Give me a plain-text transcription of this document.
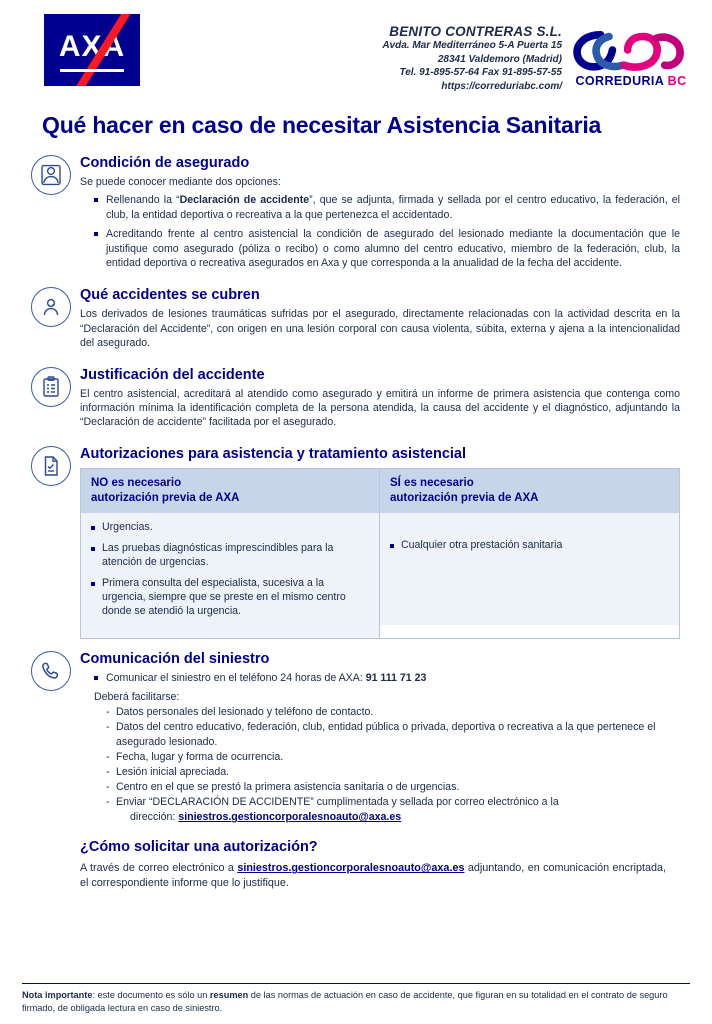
AXA	BENITO CONTRERAS S.L.
Avda. Mar Mediterráneo 5-A Puerta 15
28341 Valdemoro (Madrid)
Tel. 91-895-57-64 Fax 91-895-57-55
https://correduriabc.com/ CORREDURIA BC
Qué hacer en caso de necesitar Asistencia Sanitaria
Condición de asegurado

Se puede conocer mediante dos opciones:

Rellenando la “Declaración de accidente”, que se adjunta, firmada y sellada por el centro educativo, la federación, el club, la entidad deportiva o recreativa a la que pertenezca el accidentado.
Acreditando frente al centro asistencial la condición de asegurado del lesionado mediante la documentación que le justifique como asegurado (póliza o recibo) o como alumno del centro educativo, miembro de la federación, club, la entidad deportiva o recreativa asegurados en Axa y que corresponda a la anualidad de la fecha del accidente.
Qué accidentes se cubren

Los derivados de lesiones traumáticas sufridas por el asegurado, directamente relacionadas con la actividad descrita en la “Declaración del Accidente”, con origen en una lesión corporal con causa violenta, súbita, externa y ajena a la intencionalidad del asegurado.

Justificación del accidente

El centro asistencial, acreditará al atendido como asegurado y emitirá un informe de primera asistencia que contenga como información mínima la identificación completa de la persona atendida, la causa del accidente y el diagnóstico, adjuntando la “Declaración de accidente” facilitada por el asegurado.

Autorizaciones para asistencia y tratamiento asistencial
NO es necesario
autorización previa de AXA
Urgencias.
Las pruebas diagnósticas imprescindibles para la atención de urgencias.
Primera consulta del especialista, sucesiva a la urgencia, siempre que se preste en el mismo centro donde se atendió la urgencia.
SÍ es necesario
autorización previa de AXA
Cualquier otra prestación sanitaria
Comunicación del siniestro
Comunicar el siniestro en el teléfono 24 horas de AXA: 91 111 71 23
Deberá facilitarse:
- Datos personales del lesionado y teléfono de contacto.
- Datos del centro educativo, federación, club, entidad pública o privada, deportiva o recreativa a la que pertenece el asegurado lesionado.
- Fecha, lugar y forma de ocurrencia.
- Lesión inicial apreciada.
- Centro en el que se prestó la primera asistencia sanitaria o de urgencias.
- Enviar “DECLARACIÓN DE ACCIDENTE” cumplimentada y sellada por correo electrónico a la
dirección: siniestros.gestioncorporalesnoauto@axa.es
¿Cómo solicitar una autorización?

A través de correo electrónico a siniestros.gestioncorporalesnoauto@axa.es adjuntando, en comunicación encriptada, el correspondiente informe que lo justifique.

Nota importante: este documento es sólo un resumen de las normas de actuación en caso de accidente, que figuran en su totalidad en el contrato de seguro firmado, de obligada lectura en caso de siniestro.
